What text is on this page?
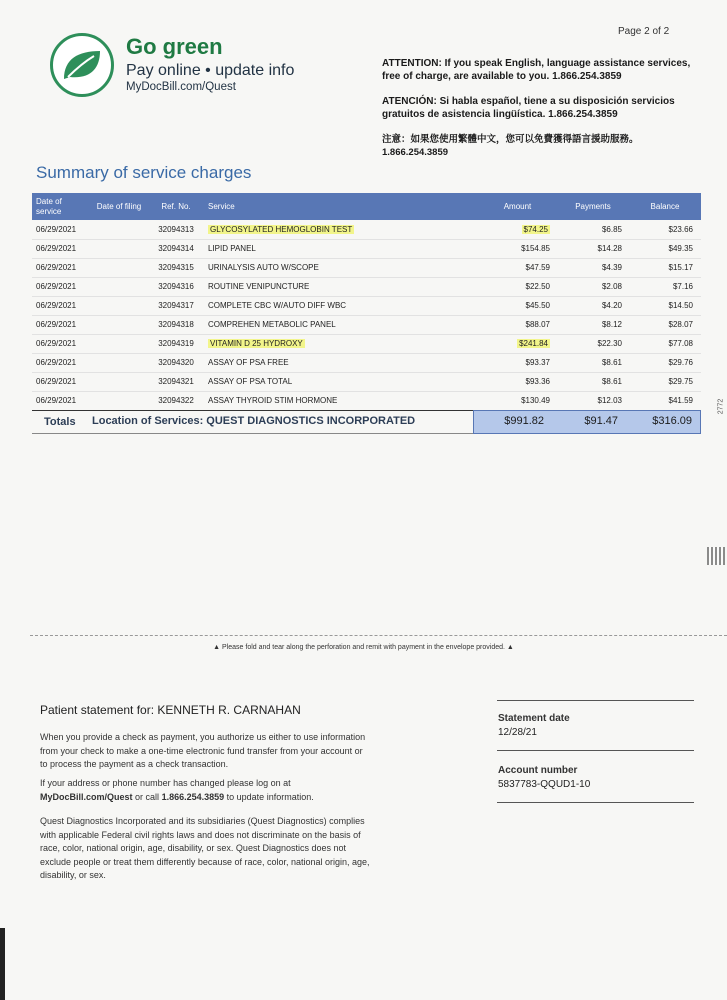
Page 2 of 2
Go green
Pay online • update info
MyDocBill.com/Quest
ATTENTION: If you speak English, language assistance services, free of charge, are available to you. 1.866.254.3859
ATENCIÓN: Si habla español, tiene a su disposición servicios gratuitos de asistencia lingüística. 1.866.254.3859
注意：如果您使用繁體中文，您可以免費獲得語言援助服務。 1.866.254.3859
Summary of service charges
Date of service	Date of filing	Ref. No.	Service		Amount	Payments	Balance
06/29/2021		32094313	GLYCOSYLATED HEMOGLOBIN TEST		$74.25	$6.85	$23.66
06/29/2021		32094314	LIPID PANEL		$154.85	$14.28	$49.35
06/29/2021		32094315	URINALYSIS AUTO W/SCOPE		$47.59	$4.39	$15.17
06/29/2021		32094316	ROUTINE VENIPUNCTURE		$22.50	$2.08	$7.16
06/29/2021		32094317	COMPLETE CBC W/AUTO DIFF WBC		$45.50	$4.20	$14.50
06/29/2021		32094318	COMPREHEN METABOLIC PANEL		$88.07	$8.12	$28.07
06/29/2021		32094319	VITAMIN D 25 HYDROXY		$241.84	$22.30	$77.08
06/29/2021		32094320	ASSAY OF PSA FREE		$93.37	$8.61	$29.76
06/29/2021		32094321	ASSAY OF PSA TOTAL		$93.36	$8.61	$29.75
06/29/2021		32094322	ASSAY THYROID STIM HORMONE		$130.49	$12.03	$41.59
Totals Location of Services: QUEST DIAGNOSTICS INCORPORATED	$991.82	$91.47	$316.09
2772
▲ Please fold and tear along the perforation and remit with payment in the envelope provided. ▲
Patient statement for: KENNETH R. CARNAHAN
When you provide a check as payment, you authorize us either to use information from your check to make a one-time electronic fund transfer from your account or to process the payment as a check transaction.
If your address or phone number has changed please log on at
MyDocBill.com/Quest or call 1.866.254.3859 to update information.
Quest Diagnostics Incorporated and its subsidiaries (Quest Diagnostics) complies with applicable Federal civil rights laws and does not discriminate on the basis of race, color, national origin, age, disability, or sex. Quest Diagnostics does not exclude people or treat them differently because of race, color, national origin, age, disability, or sex.
Statement date
12/28/21
Account number
5837783-QQUD1-10
